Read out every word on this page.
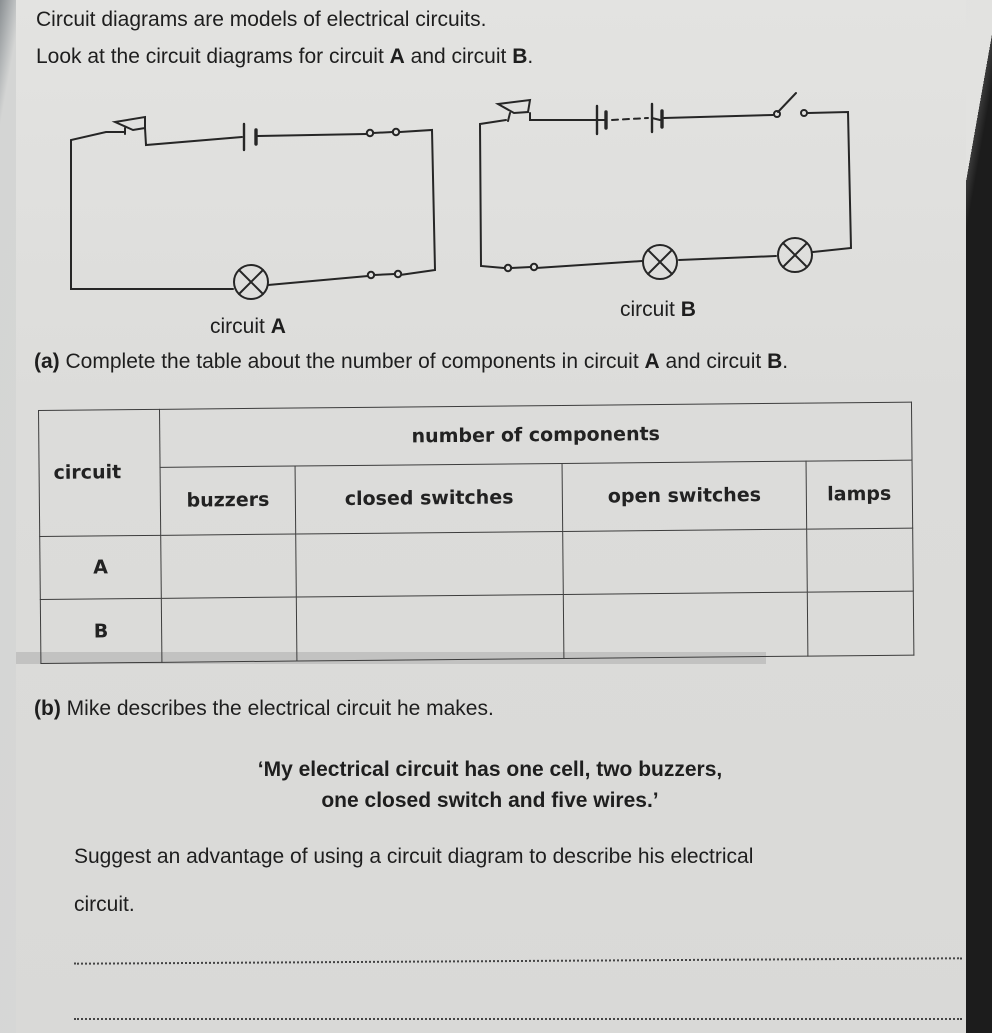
Circuit diagrams are models of electrical circuits.

Look at the circuit diagrams for circuit A and circuit B.

circuit A

circuit B

(a) Complete the table about the number of components in circuit A and circuit B.

circuit	number of components			
	buzzers	closed switches	open switches	lamps
A				
B				

(b) Mike describes the electrical circuit he makes.

‘My electrical circuit has one cell, two buzzers,

one closed switch and five wires.’

Suggest an advantage of using a circuit diagram to describe his electrical

circuit.
